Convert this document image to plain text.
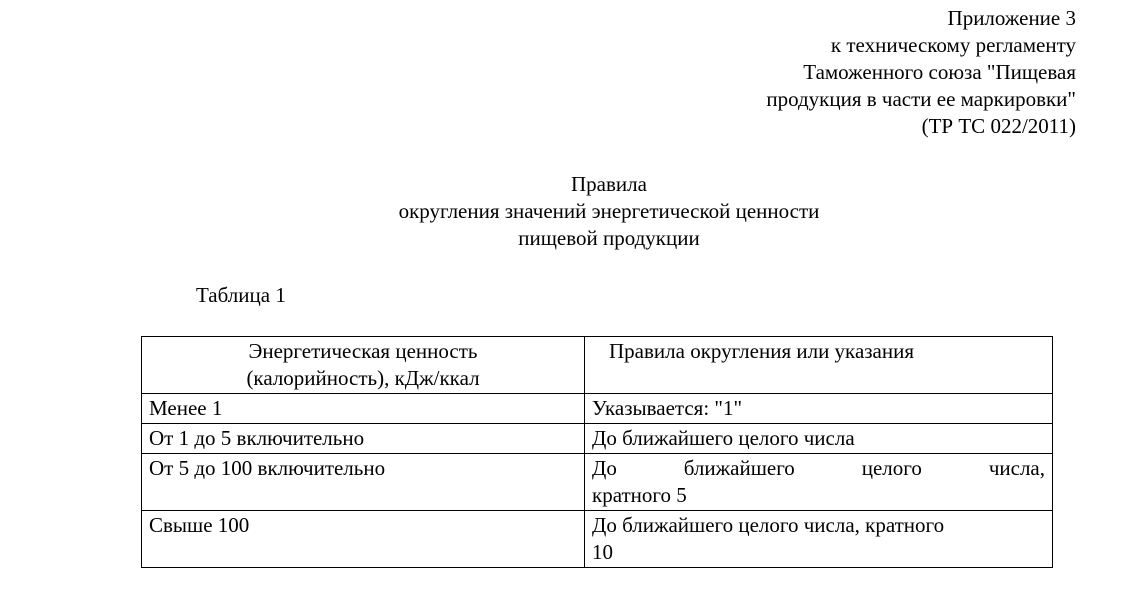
Приложение 3
к техническому регламенту
Таможенного союза "Пищевая
продукция в части ее маркировки"
(ТР ТС 022/2011)
Правила
округления значений энергетической ценности
пищевой продукции
Таблица 1
Энергетическая ценность
(калорийность), кДж/ккал	Правила округления или указания
Менее 1	Указывается: "1"

От 1 до 5 включительно	До ближайшего целого числа

От 5 до 100 включительно	До ближайшего целого числа,
кратного 5

Свыше 100	До ближайшего целого числа, кратного
10
